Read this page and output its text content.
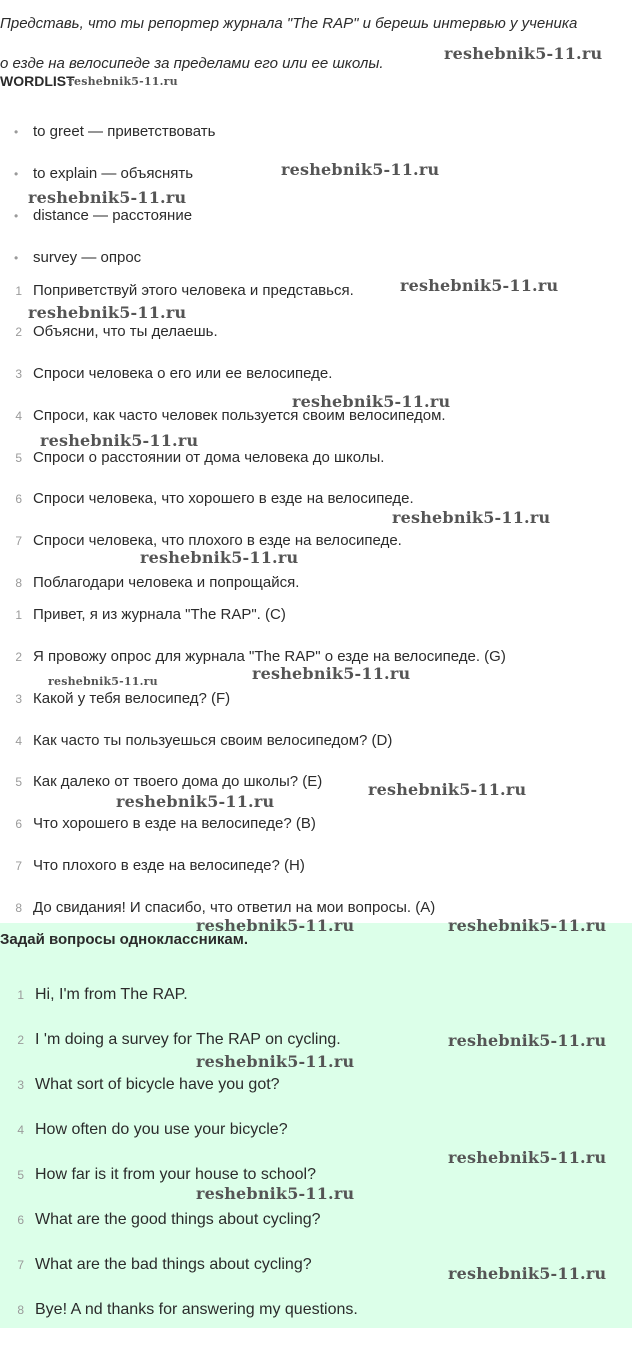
Представь, что ты репортер журнала "The RAP" и берешь интервью у ученика
о езде на велосипеде за пределами его или ее школы.

WORDLIST
• to greet — приветствовать
• to explain — объяснять
• distance — расстояние
• survey — опрос
1 Поприветствуй этого человека и представься.
2 Объясни, что ты делаешь.
3 Спроси человека о его или ее велосипеде.
4 Спроси, как часто человек пользуется своим велосипедом.
5 Спроси о расстоянии от дома человека до школы.
6 Спроси человека, что хорошего в езде на велосипеде.
7 Спроси человека, что плохого в езде на велосипеде.
8 Поблагодари человека и попрощайся.
1 Привет, я из журнала "The RAP". (C)
2 Я провожу опрос для журнала "The RAP" о езде на велосипеде. (G)
3 Какой у тебя велосипед? (F)
4 Как часто ты пользуешься своим велосипедом? (D)
5 Как далеко от твоего дома до школы? (E)
6 Что хорошего в езде на велосипеде? (B)
7 Что плохого в езде на велосипеде? (H)
8 До свидания! И спасибо, что ответил на мои вопросы. (A)
Задай вопросы одноклассникам.
1 Hi, I'm from The RAP.
2 I 'm doing a survey for The RAP on cycling.
3 What sort of bicycle have you got?
4 How often do you use your bicycle?
5 How far is it from your house to school?
6 What are the good things about cycling?
7 What are the bad things about cycling?
8 Bye! A nd thanks for answering my questions.
reshebnik5-11.ru
reshebnik5-11.ru
reshebnik5-11.ru
reshebnik5-11.ru
reshebnik5-11.ru
reshebnik5-11.ru
reshebnik5-11.ru
reshebnik5-11.ru
reshebnik5-11.ru
reshebnik5-11.ru
reshebnik5-11.ru
reshebnik5-11.ru
reshebnik5-11.ru
reshebnik5-11.ru
reshebnik5-11.ru	reshebnik5-11.ru
reshebnik5-11.ru
reshebnik5-11.ru
reshebnik5-11.ru
reshebnik5-11.ru
reshebnik5-11.ru
